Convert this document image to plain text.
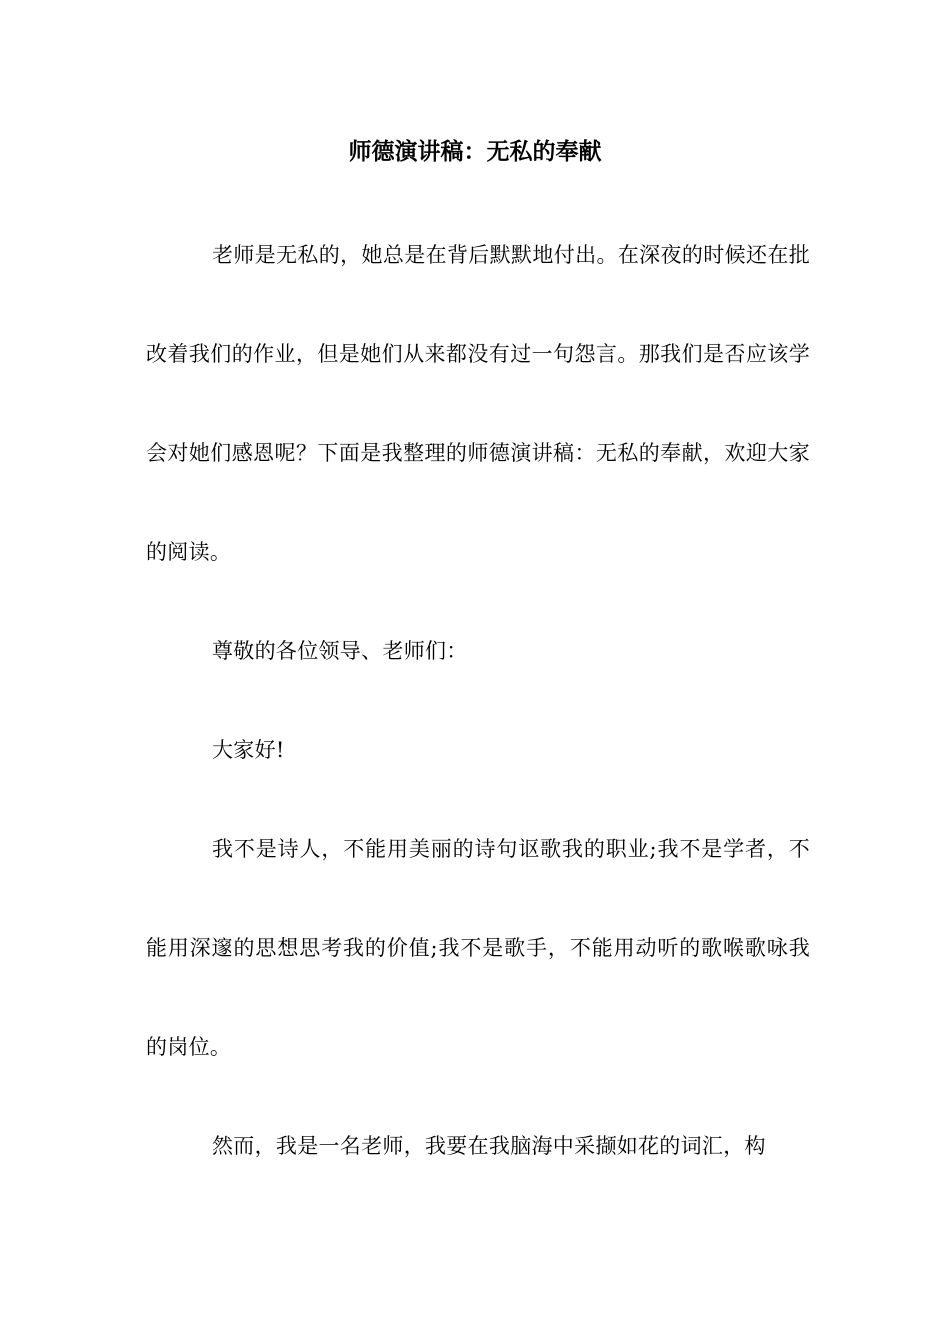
师德演讲稿：无私的奉献

老师是无私的，她总是在背后默默地付出。在深夜的时候还在批改着我们的作业，但是她们从来都没有过一句怨言。那我们是否应该学会对她们感恩呢？下面是我整理的师德演讲稿：无私的奉献，欢迎大家的阅读。

尊敬的各位领导、老师们：

大家好!

我不是诗人，不能用美丽的诗句讴歌我的职业;我不是学者，不能用深邃的思想思考我的价值;我不是歌手，不能用动听的歌喉歌咏我的岗位。

然而，我是一名老师，我要在我脑海中采撷如花的词汇，构
